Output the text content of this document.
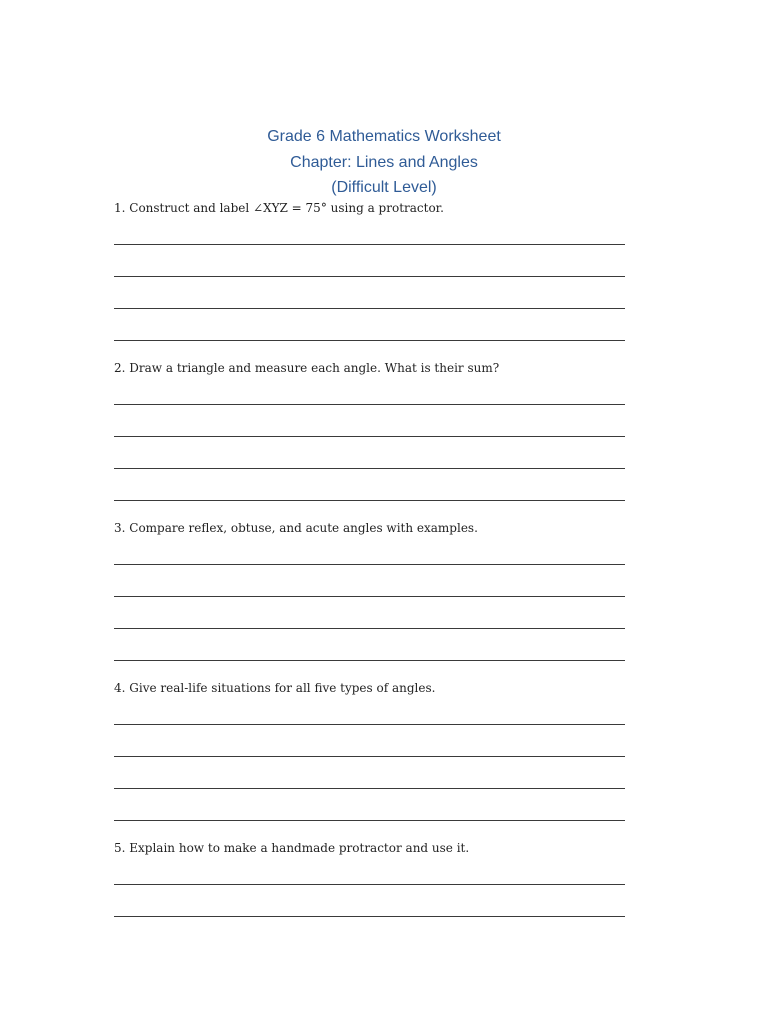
Grade 6 Mathematics Worksheet
Chapter: Lines and Angles
(Difficult Level)
1. Construct and label ∠XYZ = 75° using a protractor.
2. Draw a triangle and measure each angle. What is their sum?
3. Compare reflex, obtuse, and acute angles with examples.
4. Give real-life situations for all five types of angles.
5. Explain how to make a handmade protractor and use it.
